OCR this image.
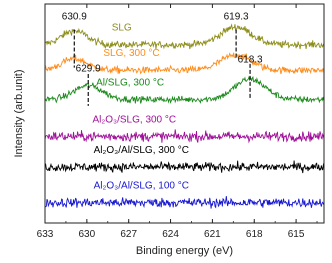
SLG
SLG, 300 °C
Al/SLG, 300 °C
Al₂O₃/SLG, 300 °C
Al₂O₃/Al/SLG, 300 °C
Al₂O₃/Al/SLG, 100 °C
630.9	619.3
629.9
618.3
633	630	627	624	621	618	615
Binding energy (eV)
Intensity (arb.unit)
